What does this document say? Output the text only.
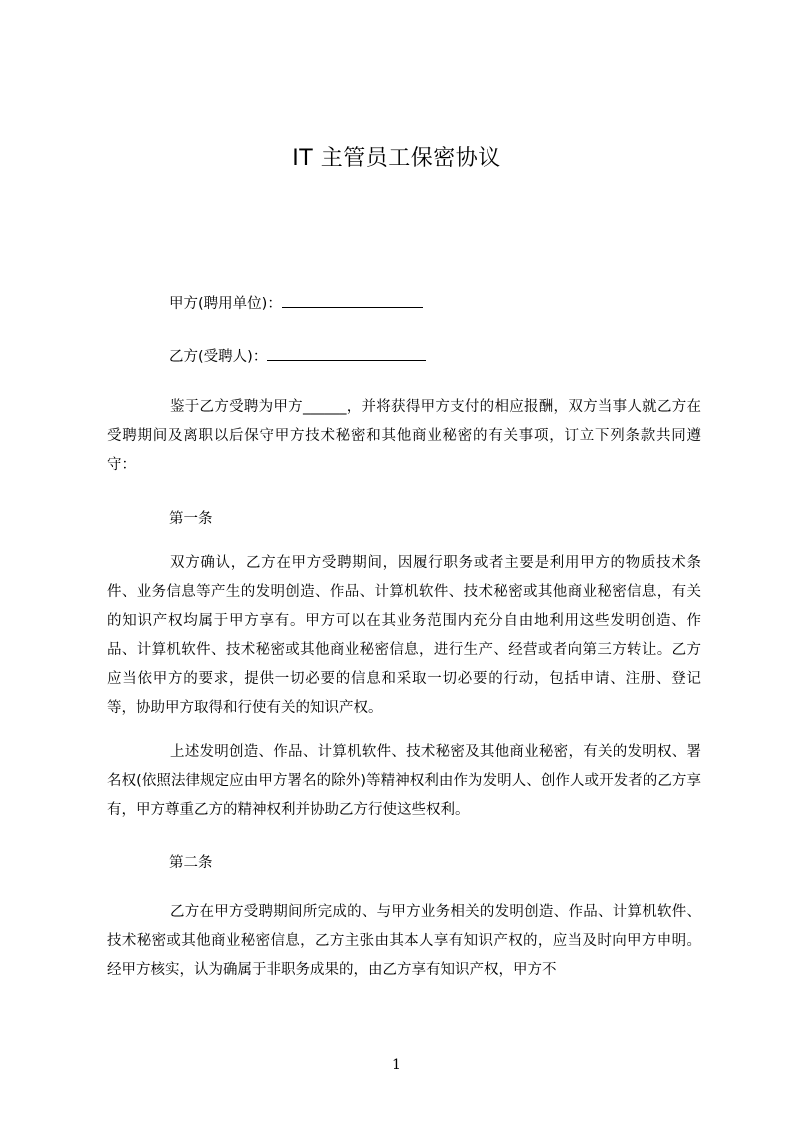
IT 主管员工保密协议
甲方(聘用单位)：
乙方(受聘人)：
鉴于乙方受聘为甲方______，并将获得甲方支付的相应报酬，双方当事人就乙方在受聘期间及离职以后保守甲方技术秘密和其他商业秘密的有关事项，订立下列条款共同遵守：
第一条
双方确认，乙方在甲方受聘期间，因履行职务或者主要是利用甲方的物质技术条件、业务信息等产生的发明创造、作品、计算机软件、技术秘密或其他商业秘密信息，有关的知识产权均属于甲方享有。甲方可以在其业务范围内充分自由地利用这些发明创造、作品、计算机软件、技术秘密或其他商业秘密信息，进行生产、经营或者向第三方转让。乙方应当依甲方的要求，提供一切必要的信息和采取一切必要的行动，包括申请、注册、登记等，协助甲方取得和行使有关的知识产权。
上述发明创造、作品、计算机软件、技术秘密及其他商业秘密，有关的发明权、署名权(依照法律规定应由甲方署名的除外)等精神权利由作为发明人、创作人或开发者的乙方享有，甲方尊重乙方的精神权利并协助乙方行使这些权利。
第二条
乙方在甲方受聘期间所完成的、与甲方业务相关的发明创造、作品、计算机软件、技术秘密或其他商业秘密信息，乙方主张由其本人享有知识产权的，应当及时向甲方申明。经甲方核实，认为确属于非职务成果的，由乙方享有知识产权，甲方不
1
